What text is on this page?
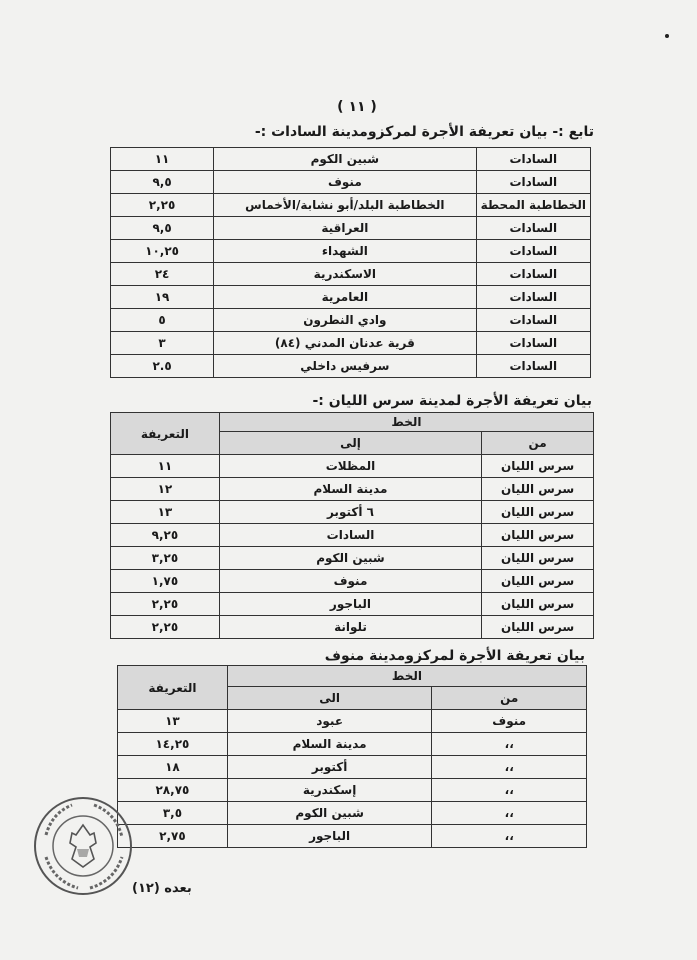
( ١١ )
تابع :- بيان تعريفة الأجرة لمركزومدينة السادات :-
السادات	شبين الكوم	١١
السادات	منوف	٩,٥
الخطاطبة المحطة	الخطاطبة البلد/أبو نشابة/الأخماس	٢,٢٥
السادات	العراقية	٩,٥
السادات	الشهداء	١٠,٢٥
السادات	الاسكندرية	٢٤
السادات	العامرية	١٩
السادات	وادي النطرون	٥
السادات	قرية عدنان المدني (٨٤)	٣
السادات	سرفيس داخلي	٢.٥
بيان تعريفة الأجرة لمدينة سرس الليان :-
الخط		التعريفة
من	إلى	
سرس الليان	المظلات	١١
سرس الليان	مدينة السلام	١٢
سرس الليان	٦ أكتوبر	١٣
سرس الليان	السادات	٩,٢٥
سرس الليان	شبين الكوم	٣,٢٥
سرس الليان	منوف	١,٧٥
سرس الليان	الباجور	٢,٢٥
سرس الليان	تلوانة	٢,٢٥
بيان تعريفة الأجرة لمركزومدينة منوف
الخط		التعريفة
من	الى	
منوف	عبود	١٣
،،	مدينة السلام	١٤,٢٥
،،	أكتوبر	١٨
،،	إسكندرية	٢٨,٧٥
،،	شبين الكوم	٣,٥
،،	الباجور	٢,٧٥
بعده (١٢)
